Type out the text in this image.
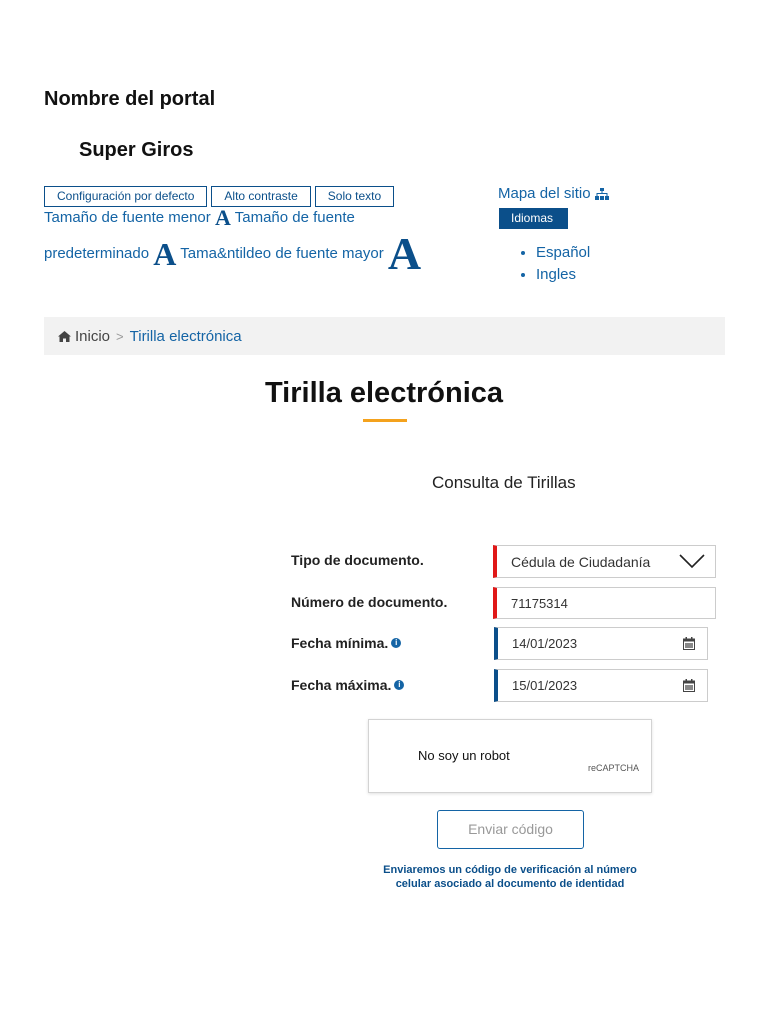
Nombre del portal
Super Giros
Configuración por defecto	Alto contraste	Solo texto
Tamaño de fuente menor A Tamaño de fuente
predeterminado A Tama&ntildeo de fuente mayor A
Mapa del sitio
Idiomas
• Español
• Ingles
Inicio > Tirilla electrónica
Tirilla electrónica
Consulta de Tirillas
Tipo de documento.	Cédula de Ciudadanía
Número de documento.	71175314
Fecha mínima. i	14/01/2023
Fecha máxima. i	15/01/2023
No soy un robot
reCAPTCHA
Enviar código
Enviaremos un código de verificación al número
celular asociado al documento de identidad
